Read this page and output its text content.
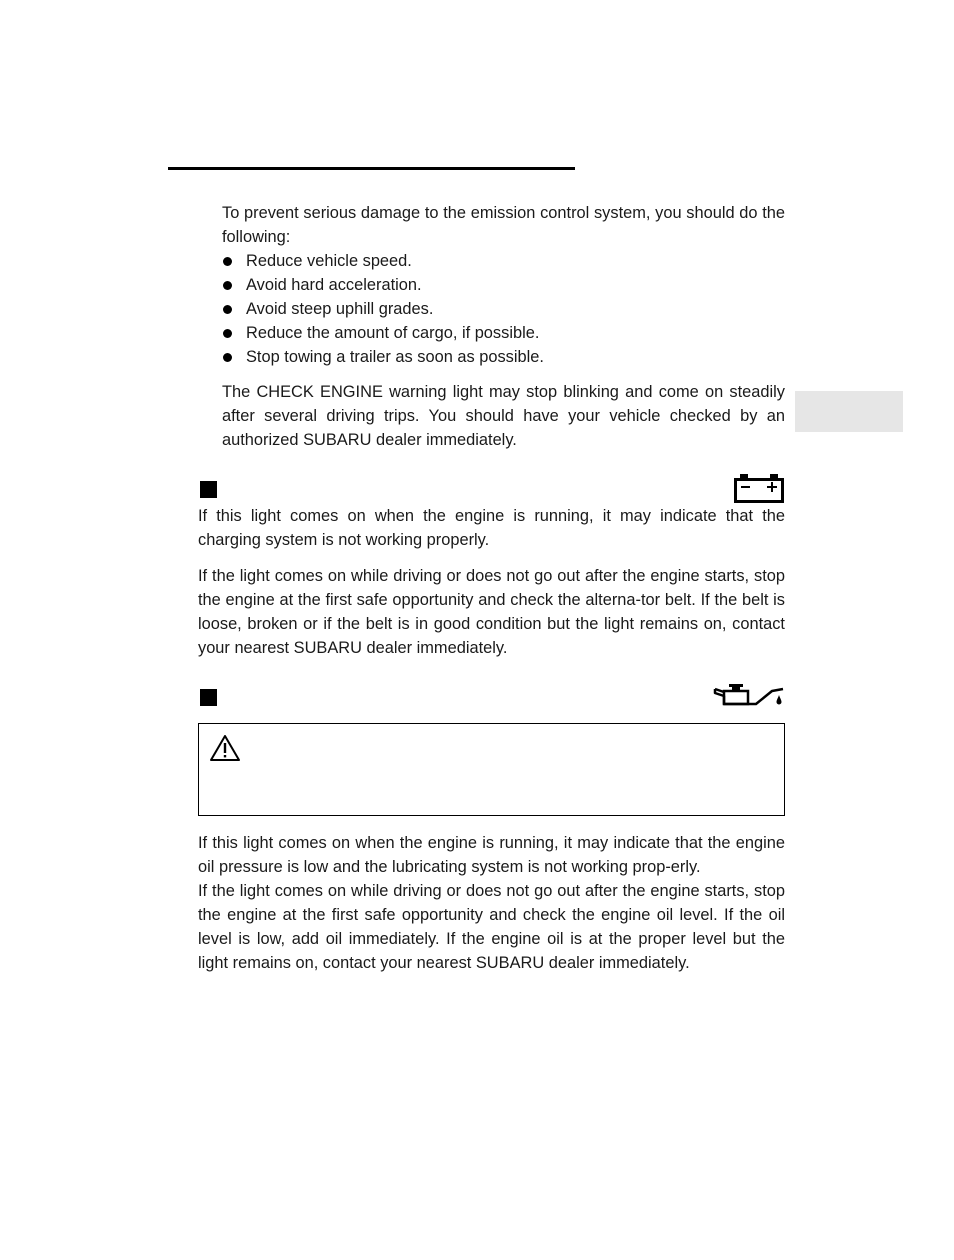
To prevent serious damage to the emission control system, you should do the following:

Reduce vehicle speed.
Avoid hard acceleration.
Avoid steep uphill grades.
Reduce the amount of cargo, if possible.
Stop towing a trailer as soon as possible.

The CHECK ENGINE warning light may stop blinking and come on steadily after several driving trips. You should have your vehicle checked by an authorized SUBARU dealer immediately.

If this light comes on when the engine is running, it may indicate that the charging system is not working properly.

If the light comes on while driving or does not go out after the engine starts, stop the engine at the first safe opportunity and check the alterna-tor belt. If the belt is loose, broken or if the belt is in good condition but the light remains on, contact your nearest SUBARU dealer immediately.

If this light comes on when the engine is running, it may indicate that the engine oil pressure is low and the lubricating system is not working prop-erly.

If the light comes on while driving or does not go out after the engine starts, stop the engine at the first safe opportunity and check the engine oil level. If the oil level is low, add oil immediately. If the engine oil is at the proper level but the light remains on, contact your nearest SUBARU dealer immediately.
